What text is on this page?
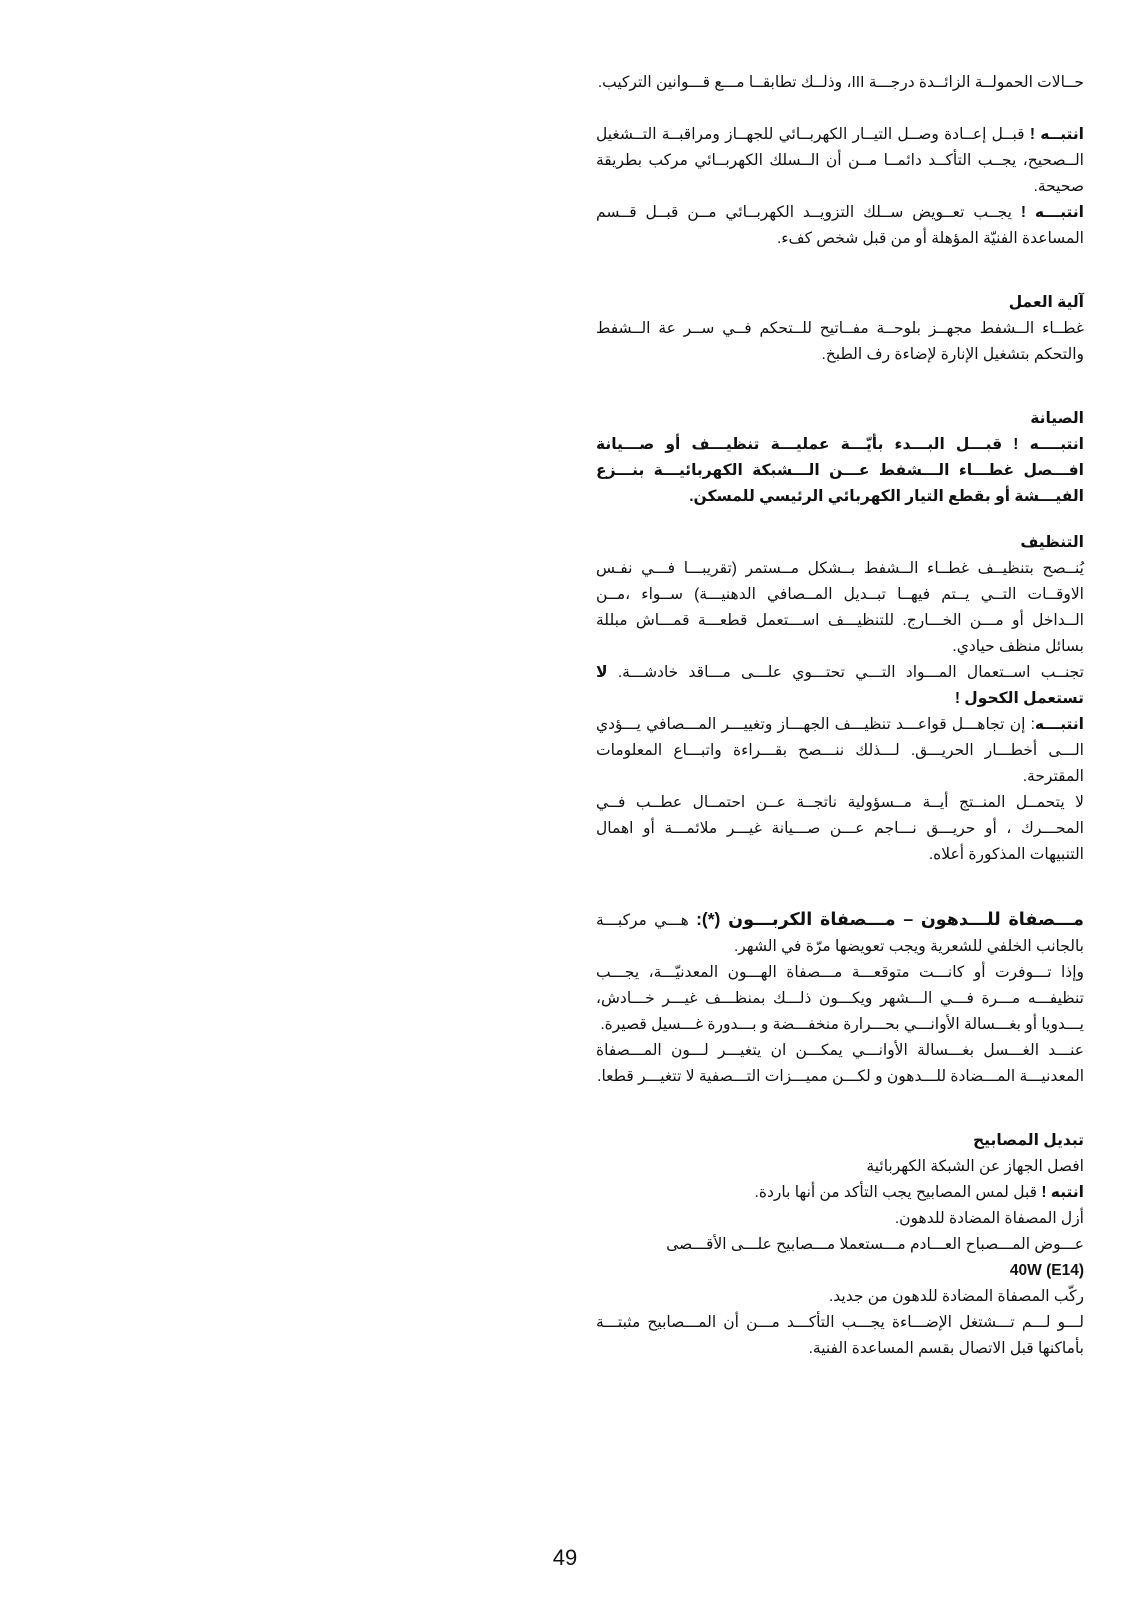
حــالات الحمولــة الزائــدة درجـــة III، وذلــك تطابقــا مـــع قـــوانين التركيب.

انتبــه ! قبــل إعــادة وصــل التيــار الكهربــائي للجهــاز ومراقبــة التــشغيل الــصحيح، يجــب التأكــد دائمــا مــن أن الــسلك الكهربــائي مركب بطريقة صحيحة.

انتبـــه ! يجــب تعــويض ســلك التزويــد الكهربــائي مــن قبــل قــسم المساعدة الفنيّة المؤهلة أو من قبل شخص كفء.

آلية العمل

غطــاء الــشفط مجهــز بلوحــة مفــاتيح للــتحكم فــي ســر عة الــشفط والتحكم بتشغيل الإنارة لإضاءة رف الطبخ.

الصيانة

انتبــــه ! قبـــل البـــدء بأيّـــة عمليـــة تنظيـــف أو صـــيانة افـــصل غطـــاء الـــشفط عـــن الـــشبكة الكهربائيـــة بنـــزع الفيـــشة أو بقطع التيار الكهربائي الرئيسي للمسكن.

التنظيف

يُنــصح بتنظيــف غطــاء الــشفط بــشكل مــستمر (تقريبـــا فـــي نفـس الاوقــات التــي يــتم فيهــا تبــديل المــصافي الدهنيـــة) ســواء ،مــن الــداخل أو مـــن الخـــارج. للتنظيـــف اســـتعمل قطعـــة قمـــاش مبللة بسائل منظف حيادي.

تجنــب اســتعمال المـــواد التـــي تحتـــوي علـــى مـــاقد خادشـــة. لا تستعمل الكحول !

انتبـــه: إن تجاهـــل قواعـــد تنظيـــف الجهـــاز وتغييـــر المـــصافي يـــؤدي الـــى أخطـــار الحريـــق. لـــذلك ننـــصح بقـــراءة واتبـــاع المعلومات المقترحة.

لا يتحمــل المنــتج أيــة مــسؤولية ناتجــة عــن احتمــال عطــب فــي المحـــرك ، أو حريـــق نـــاجم عـــن صـــيانة غيـــر ملائمـــة أو اهمال التنبيهات المذكورة أعلاه.

مـــصفاة للـــدهون – مـــصفاة الكربـــون (*): هـــي مركبـــة بالجانب الخلفي للشعرية ويجب تعويضها مرّة في الشهر.

وإذا تـــوفرت أو كانـــت متوقعـــة مـــصفاة الهـــون المعدنيّـــة، يجـــب تنظيفـــه مـــرة فـــي الـــشهر ويكـــون ذلـــك بمنظـــف غيـــر خـــادش، يـــدويا أو بغـــسالة الأوانـــي بحـــرارة منخفـــضة و بـــدورة غـــسيل قصيرة.

عنـــد الغـــسل بغـــسالة الأوانـــي يمكـــن ان يتغيـــر لـــون المـــصفاة المعدنيـــة المـــضادة للـــدهون و لكـــن مميـــزات التـــصفية لا تتغيـــر قطعا.

تبديل المصابيح

افصل الجهاز عن الشبكة الكهربائية

انتبه ! قبل لمس المصابيح يجب التأكد من أنها باردة.

أزل المصفاة المضادة للدهون.

عـــوض المـــصباح العـــادم مـــستعملا مـــصابيح علـــى الأقـــصى

40W (E14)

ركّب المصفاة المضادة للدهون من جديد.

لـــو لـــم تـــشتغل الإضـــاءة يجـــب التأكـــد مـــن أن المـــصابيح مثبتـــة بأماكنها قبل الاتصال بقسم المساعدة الفنية.

49
